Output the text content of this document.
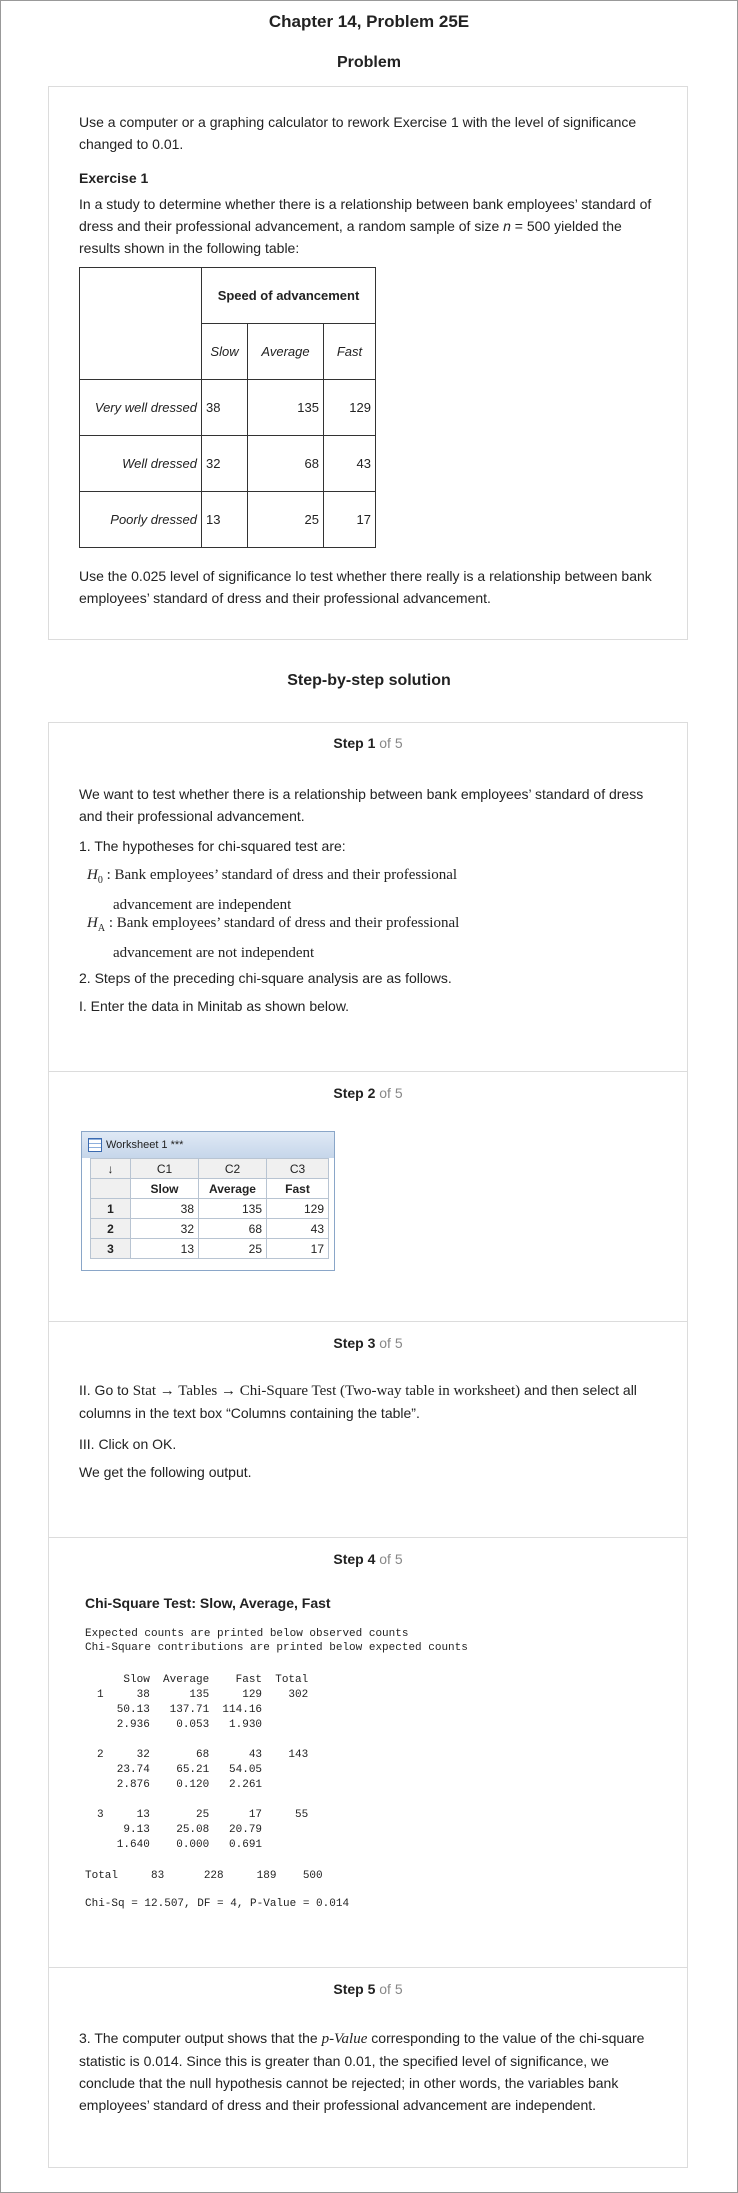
Chapter 14, Problem 25E
Problem

Use a computer or a graphing calculator to rework Exercise 1 with the level of significance changed to 0.01.

Exercise 1

In a study to determine whether there is a relationship between bank employees’ standard of dress and their professional advancement, a random sample of size n = 500 yielded the results shown in the following table:

	Speed of advancement		
	Slow	Average	Fast
Very well dressed	38	135	129
Well dressed	32	68	43
Poorly dressed	13	25	17

Use the 0.025 level of significance lo test whether there really is a relationship between bank employees’ standard of dress and their professional advancement.

Step-by-step solution
Step 1 of 5

We want to test whether there is a relationship between bank employees’ standard of dress and their professional advancement.

1. The hypotheses for chi-squared test are:

$H_0$ : Bank employees’ standard of dress and their professional
advancement are independent
$H_A$ : Bank employees’ standard of dress and their professional
advancement are not independent

2. Steps of the preceding chi-square analysis are as follows.

I. Enter the data in Minitab as shown below.

Step 2 of 5
Worksheet 1 ***
↓	C1	C2	C3
	Slow	Average	Fast
1	38	135	129
2	32	68	43
3	13	25	17
Step 3 of 5

II. Go to Stat → Tables → Chi-Square Test (Two-way table in worksheet) and then select all columns in the text box “Columns containing the table”.

III. Click on OK.

We get the following output.

Step 4 of 5
Chi-Square Test: Slow, Average, Fast
Expected counts are printed below observed counts
Chi-Square contributions are printed below expected counts
Slow  Average    Fast  Total
1     38      135     129    302
50.13   137.71  114.16
2.936    0.053   1.930

2     32       68      43    143
23.74    65.21   54.05
2.876    0.120   2.261

3     13       25      17     55
9.13    25.08   20.79
1.640    0.000   0.691
Total     83      228     189    500
Chi-Sq = 12.507, DF = 4, P-Value = 0.014
Step 5 of 5

3. The computer output shows that the p-Value corresponding to the value of the chi-square statistic is 0.014. Since this is greater than 0.01, the specified level of significance, we conclude that the null hypothesis cannot be rejected; in other words, the variables bank employees’ standard of dress and their professional advancement are independent.
